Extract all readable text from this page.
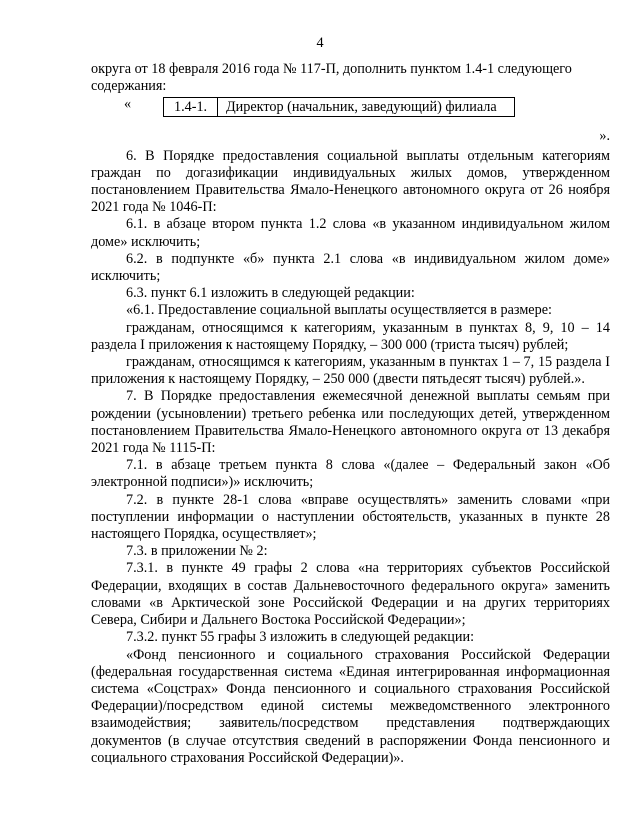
4

округа от 18 февраля 2016 года № 117-П, дополнить пунктом 1.4-1 следующего содержания:

«	1.4-1.	Директор (начальник, заведующий) филиала

».

6. В Порядке предоставления социальной выплаты отдельным категориям граждан по догазификации индивидуальных жилых домов, утвержденном постановлением Правительства Ямало-Ненецкого автономного округа от 26 ноября 2021 года № 1046-П:

6.1. в абзаце втором пункта 1.2 слова «в указанном индивидуальном жилом доме» исключить;

6.2. в подпункте «б» пункта 2.1 слова «в индивидуальном жилом доме» исключить;

6.3. пункт 6.1 изложить в следующей редакции:

«6.1. Предоставление социальной выплаты осуществляется в размере:

гражданам, относящимся к категориям, указанным в пунктах 8, 9, 10 – 14 раздела I приложения к настоящему Порядку, – 300 000 (триста тысяч) рублей;

гражданам, относящимся к категориям, указанным в пунктах 1 – 7, 15 раздела I приложения к настоящему Порядку, – 250 000 (двести пятьдесят тысяч) рублей.».

7. В Порядке предоставления ежемесячной денежной выплаты семьям при рождении (усыновлении) третьего ребенка или последующих детей, утвержденном постановлением Правительства Ямало-Ненецкого автономного округа от 13 декабря 2021 года № 1115-П:

7.1. в абзаце третьем пункта 8 слова «(далее – Федеральный закон «Об электронной подписи»)» исключить;

7.2. в пункте 28-1 слова «вправе осуществлять» заменить словами «при поступлении информации о наступлении обстоятельств, указанных в пункте 28 настоящего Порядка, осуществляет»;

7.3. в приложении № 2:

7.3.1. в пункте 49 графы 2 слова «на территориях субъектов Российской Федерации, входящих в состав Дальневосточного федерального округа» заменить словами «в Арктической зоне Российской Федерации и на других территориях Севера, Сибири и Дальнего Востока Российской Федерации»;

7.3.2. пункт 55 графы 3 изложить в следующей редакции:

«Фонд пенсионного и социального страхования Российской Федерации (федеральная государственная система «Единая интегрированная информационная система «Соцстрах» Фонда пенсионного и социального страхования Российской Федерации)/посредством единой системы межведомственного электронного взаимодействия; заявитель/посредством представления подтверждающих документов (в случае отсутствия сведений в распоряжении Фонда пенсионного и социального страхования Российской Федерации)».
